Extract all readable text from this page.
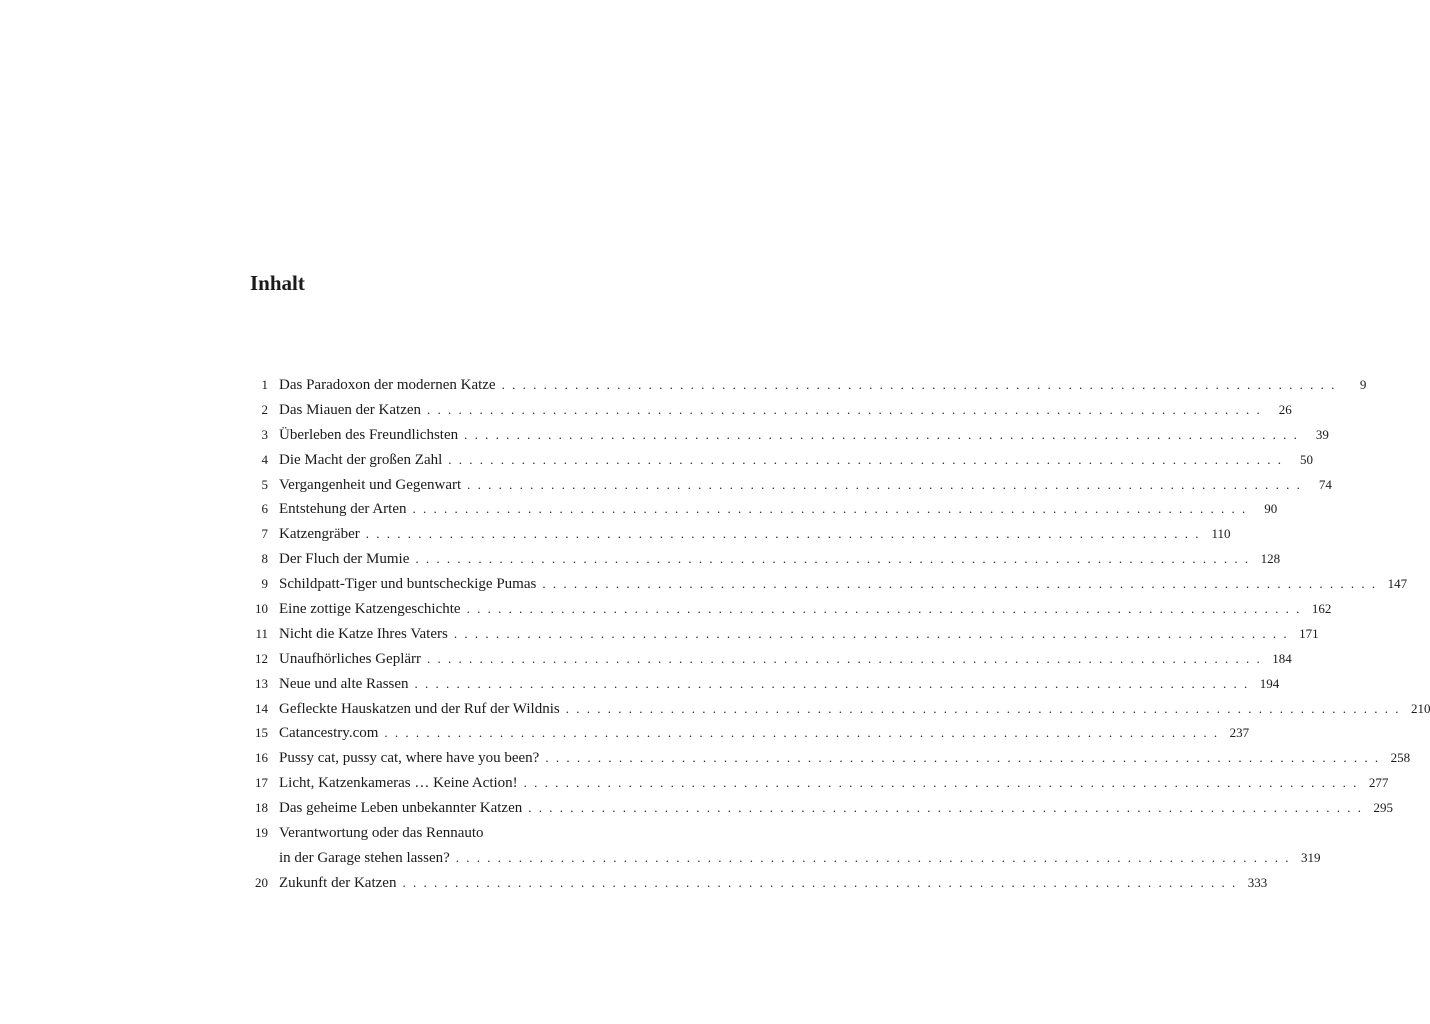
Inhalt
1 Das Paradoxon der modernen Katze . . . . . . . . . . . . . . . . . . . . . . . . . . . . . . . . . . . . . . . . . . . . . . . . . . . . . . . . . . . . . . . . . . . . . . . . . . . . . . . .	9
2 Das Miauen der Katzen . . . . . . . . . . . . . . . . . . . . . . . . . . . . . . . . . . . . . . . . . . . . . . . . . . . . . . . . . . . . . . . . . . . . . . . . . . . . . . . .	26
3 Überleben des Freundlichsten . . . . . . . . . . . . . . . . . . . . . . . . . . . . . . . . . . . . . . . . . . . . . . . . . . . . . . . . . . . . . . . . . . . . . . . . . . . . . . . .	39
4 Die Macht der großen Zahl . . . . . . . . . . . . . . . . . . . . . . . . . . . . . . . . . . . . . . . . . . . . . . . . . . . . . . . . . . . . . . . . . . . . . . . . . . . . . . . .	50
5 Vergangenheit und Gegenwart . . . . . . . . . . . . . . . . . . . . . . . . . . . . . . . . . . . . . . . . . . . . . . . . . . . . . . . . . . . . . . . . . . . . . . . . . . . . . . . .	74
6 Entstehung der Arten . . . . . . . . . . . . . . . . . . . . . . . . . . . . . . . . . . . . . . . . . . . . . . . . . . . . . . . . . . . . . . . . . . . . . . . . . . . . . . . .	90
7 Katzengräber . . . . . . . . . . . . . . . . . . . . . . . . . . . . . . . . . . . . . . . . . . . . . . . . . . . . . . . . . . . . . . . . . . . . . . . . . . . . . . . . 110
8 Der Fluch der Mumie . . . . . . . . . . . . . . . . . . . . . . . . . . . . . . . . . . . . . . . . . . . . . . . . . . . . . . . . . . . . . . . . . . . . . . . . . . . . . . . . 128
9 Schildpatt-Tiger und buntscheckige Pumas . . . . . . . . . . . . . . . . . . . . . . . . . . . . . . . . . . . . . . . . . . . . . . . . . . . . . . . . . . . . . . . . . . . . . . . . . . . . . . . . 147
10 Eine zottige Katzengeschichte . . . . . . . . . . . . . . . . . . . . . . . . . . . . . . . . . . . . . . . . . . . . . . . . . . . . . . . . . . . . . . . . . . . . . . . . . . . . . . . . 162
11 Nicht die Katze Ihres Vaters . . . . . . . . . . . . . . . . . . . . . . . . . . . . . . . . . . . . . . . . . . . . . . . . . . . . . . . . . . . . . . . . . . . . . . . . . . . . . . . . 171
12 Unaufhörliches Geplärr . . . . . . . . . . . . . . . . . . . . . . . . . . . . . . . . . . . . . . . . . . . . . . . . . . . . . . . . . . . . . . . . . . . . . . . . . . . . . . . . 184
13 Neue und alte Rassen . . . . . . . . . . . . . . . . . . . . . . . . . . . . . . . . . . . . . . . . . . . . . . . . . . . . . . . . . . . . . . . . . . . . . . . . . . . . . . . . 194
14 Gefleckte Hauskatzen und der Ruf der Wildnis . . . . . . . . . . . . . . . . . . . . . . . . . . . . . . . . . . . . . . . . . . . . . . . . . . . . . . . . . . . . . . . . . . . . . . . . . . . . . . . . 210
15 Catancestry.com . . . . . . . . . . . . . . . . . . . . . . . . . . . . . . . . . . . . . . . . . . . . . . . . . . . . . . . . . . . . . . . . . . . . . . . . . . . . . . . . 237
16 Pussy cat, pussy cat, where have you been? . . . . . . . . . . . . . . . . . . . . . . . . . . . . . . . . . . . . . . . . . . . . . . . . . . . . . . . . . . . . . . . . . . . . . . . . . . . . . . . . 258
17 Licht, Katzenkameras … Keine Action! . . . . . . . . . . . . . . . . . . . . . . . . . . . . . . . . . . . . . . . . . . . . . . . . . . . . . . . . . . . . . . . . . . . . . . . . . . . . . . . . 277
18 Das geheime Leben unbekannter Katzen . . . . . . . . . . . . . . . . . . . . . . . . . . . . . . . . . . . . . . . . . . . . . . . . . . . . . . . . . . . . . . . . . . . . . . . . . . . . . . . . 295
19 Verantwortung oder das Rennauto
in der Garage stehen lassen? . . . . . . . . . . . . . . . . . . . . . . . . . . . . . . . . . . . . . . . . . . . . . . . . . . . . . . . . . . . . . . . . . . . . . . . . . . . . . . . . 319
20 Zukunft der Katzen . . . . . . . . . . . . . . . . . . . . . . . . . . . . . . . . . . . . . . . . . . . . . . . . . . . . . . . . . . . . . . . . . . . . . . . . . . . . . . . . 333
